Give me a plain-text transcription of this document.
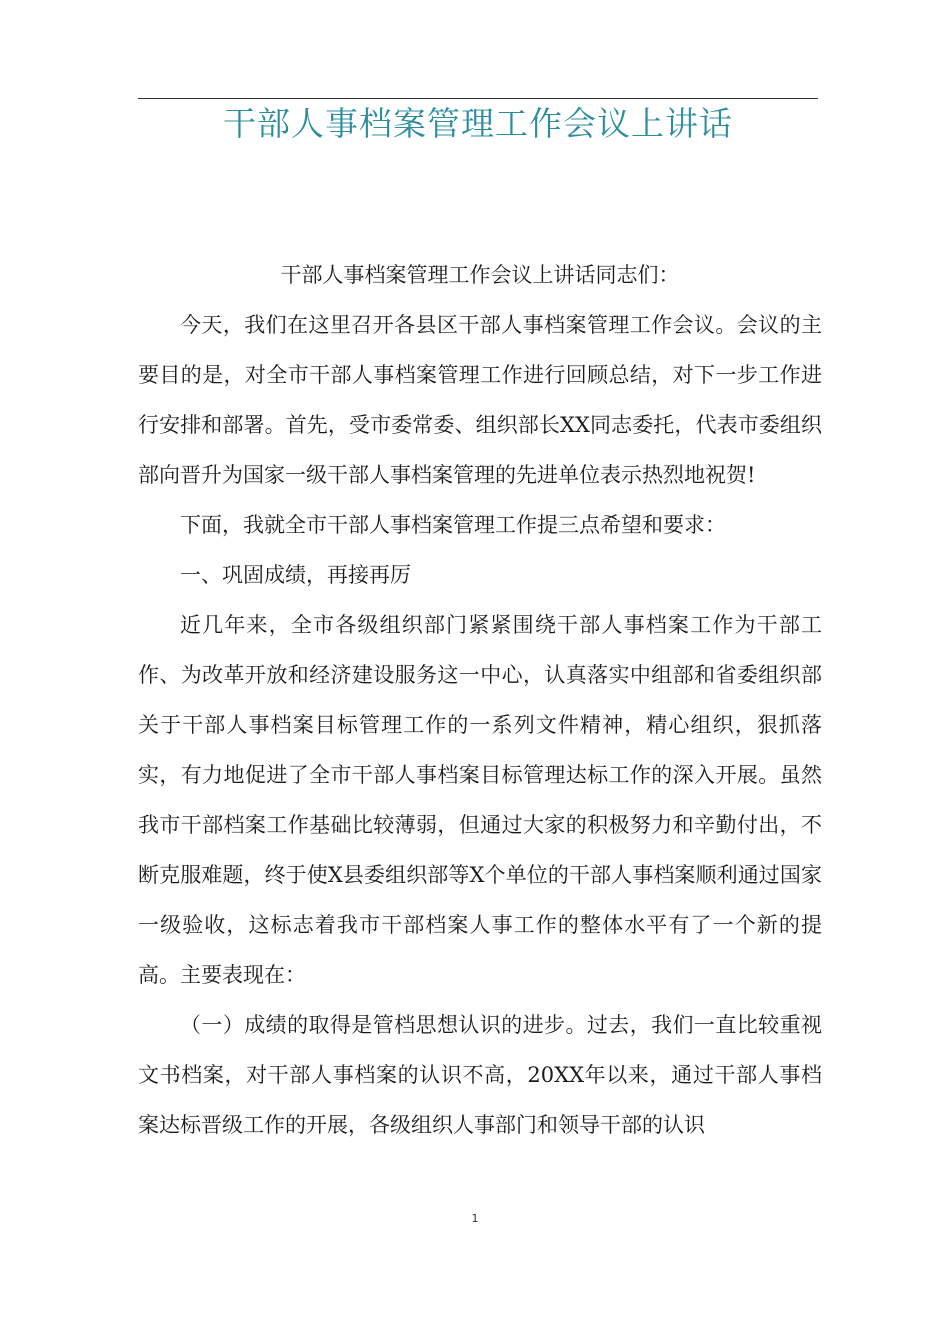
干部人事档案管理工作会议上讲话

干部人事档案管理工作会议上讲话同志们：

今天，我们在这里召开各县区干部人事档案管理工作会议。会议的主要目的是，对全市干部人事档案管理工作进行回顾总结，对下一步工作进行安排和部署。首先，受市委常委、组织部长XX同志委托，代表市委组织部向晋升为国家一级干部人事档案管理的先进单位表示热烈地祝贺!

下面，我就全市干部人事档案管理工作提三点希望和要求：

一、巩固成绩，再接再厉

近几年来，全市各级组织部门紧紧围绕干部人事档案工作为干部工作、为改革开放和经济建设服务这一中心，认真落实中组部和省委组织部关于干部人事档案目标管理工作的一系列文件精神，精心组织，狠抓落实，有力地促进了全市干部人事档案目标管理达标工作的深入开展。虽然我市干部档案工作基础比较薄弱，但通过大家的积极努力和辛勤付出，不断克服难题，终于使X县委组织部等X个单位的干部人事档案顺利通过国家一级验收，这标志着我市干部档案人事工作的整体水平有了一个新的提高。主要表现在：

（一）成绩的取得是管档思想认识的进步。过去，我们一直比较重视文书档案，对干部人事档案的认识不高，20XX年以来，通过干部人事档案达标晋级工作的开展，各级组织人事部门和领导干部的认识

1
